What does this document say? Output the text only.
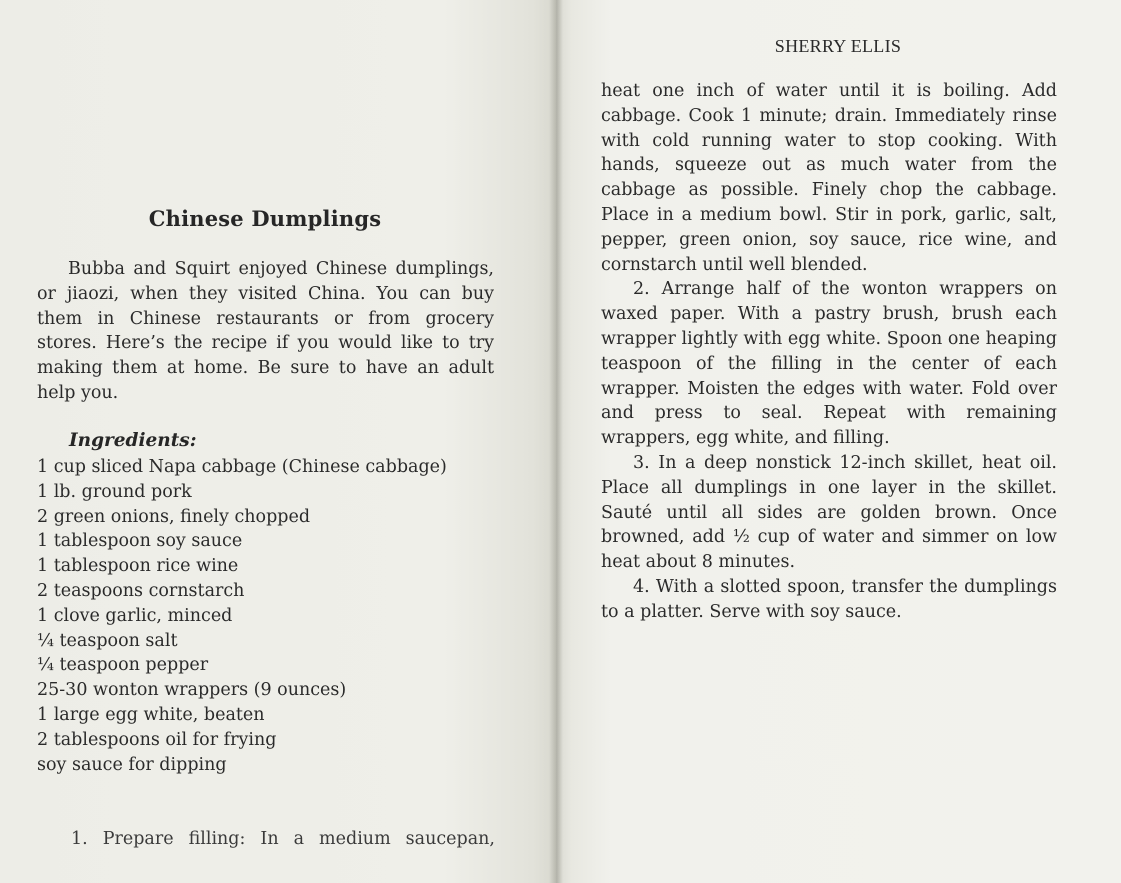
Chinese Dumplings

Bubba and Squirt enjoyed Chinese dumplings, or jiaozi, when they visited China. You can buy them in Chinese restaurants or from grocery stores. Here’s the recipe if you would like to try making them at home. Be sure to have an adult help you.

Ingredients:
1 cup sliced Napa cabbage (Chinese cabbage)
1 lb. ground pork
2 green onions, finely chopped
1 tablespoon soy sauce
1 tablespoon rice wine
2 teaspoons cornstarch
1 clove garlic, minced
¼ teaspoon salt
¼ teaspoon pepper
25-30 wonton wrappers (9 ounces)
1 large egg white, beaten
2 tablespoons oil for frying
soy sauce for dipping

1. Prepare filling: In a medium saucepan,

SHERRY ELLIS

heat one inch of water until it is boiling. Add cabbage. Cook 1 minute; drain. Immediately rinse with cold running water to stop cooking. With hands, squeeze out as much water from the cabbage as possible. Finely chop the cabbage. Place in a medium bowl. Stir in pork, garlic, salt, pepper, green onion, soy sauce, rice wine, and cornstarch until well blended.

2. Arrange half of the wonton wrappers on waxed paper. With a pastry brush, brush each wrapper lightly with egg white. Spoon one heaping teaspoon of the filling in the center of each wrapper. Moisten the edges with water. Fold over and press to seal. Repeat with remaining wrappers, egg white, and filling.

3. In a deep nonstick 12-inch skillet, heat oil. Place all dumplings in one layer in the skillet. Sauté until all sides are golden brown. Once browned, add ½ cup of water and simmer on low heat about 8 minutes.

4. With a slotted spoon, transfer the dumplings to a platter. Serve with soy sauce.
